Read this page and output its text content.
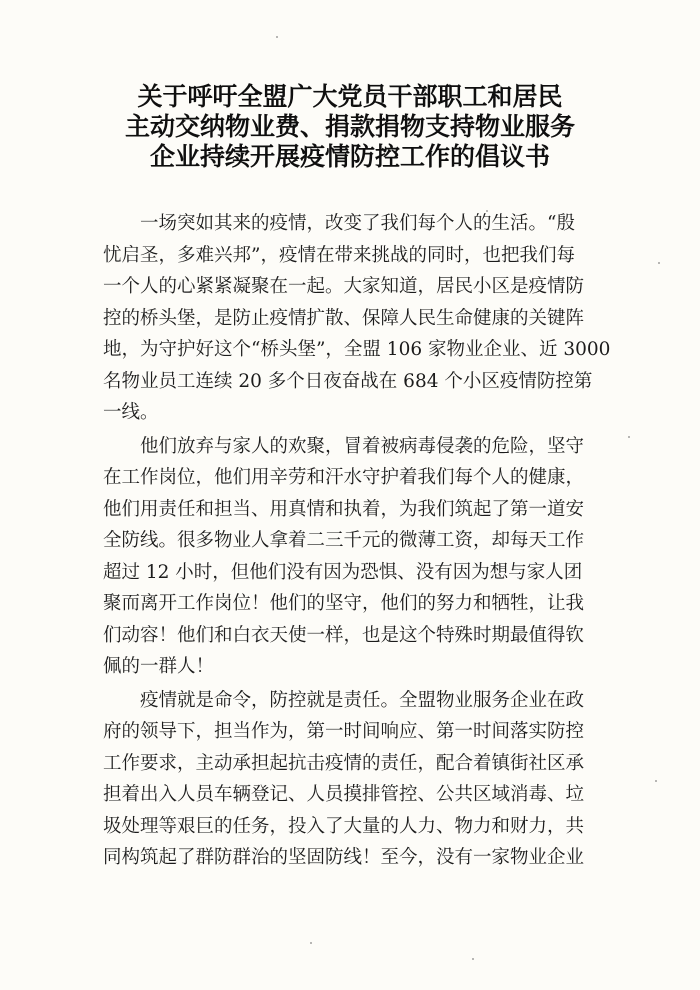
关于呼吁全盟广大党员干部职工和居民
主动交纳物业费、捐款捐物支持物业服务
企业持续开展疫情防控工作的倡议书

　　一场突如其来的疫情，改变了我们每个人的生活。“殷
忧启圣，多难兴邦”，疫情在带来挑战的同时，也把我们每
一个人的心紧紧凝聚在一起。大家知道，居民小区是疫情防
控的桥头堡，是防止疫情扩散、保障人民生命健康的关键阵
地，为守护好这个“桥头堡”，全盟 106 家物业企业、近 3000
名物业员工连续 20 多个日夜奋战在 684 个小区疫情防控第
一线。

　　他们放弃与家人的欢聚，冒着被病毒侵袭的危险，坚守
在工作岗位，他们用辛劳和汗水守护着我们每个人的健康，
他们用责任和担当、用真情和执着，为我们筑起了第一道安
全防线。很多物业人拿着二三千元的微薄工资，却每天工作
超过 12 小时，但他们没有因为恐惧、没有因为想与家人团
聚而离开工作岗位！他们的坚守，他们的努力和牺牲，让我
们动容！他们和白衣天使一样，也是这个特殊时期最值得钦
佩的一群人！

　　疫情就是命令，防控就是责任。全盟物业服务企业在政
府的领导下，担当作为，第一时间响应、第一时间落实防控
工作要求，主动承担起抗击疫情的责任，配合着镇街社区承
担着出入人员车辆登记、人员摸排管控、公共区域消毒、垃
圾处理等艰巨的任务，投入了大量的人力、物力和财力，共
同构筑起了群防群治的坚固防线！至今，没有一家物业企业
